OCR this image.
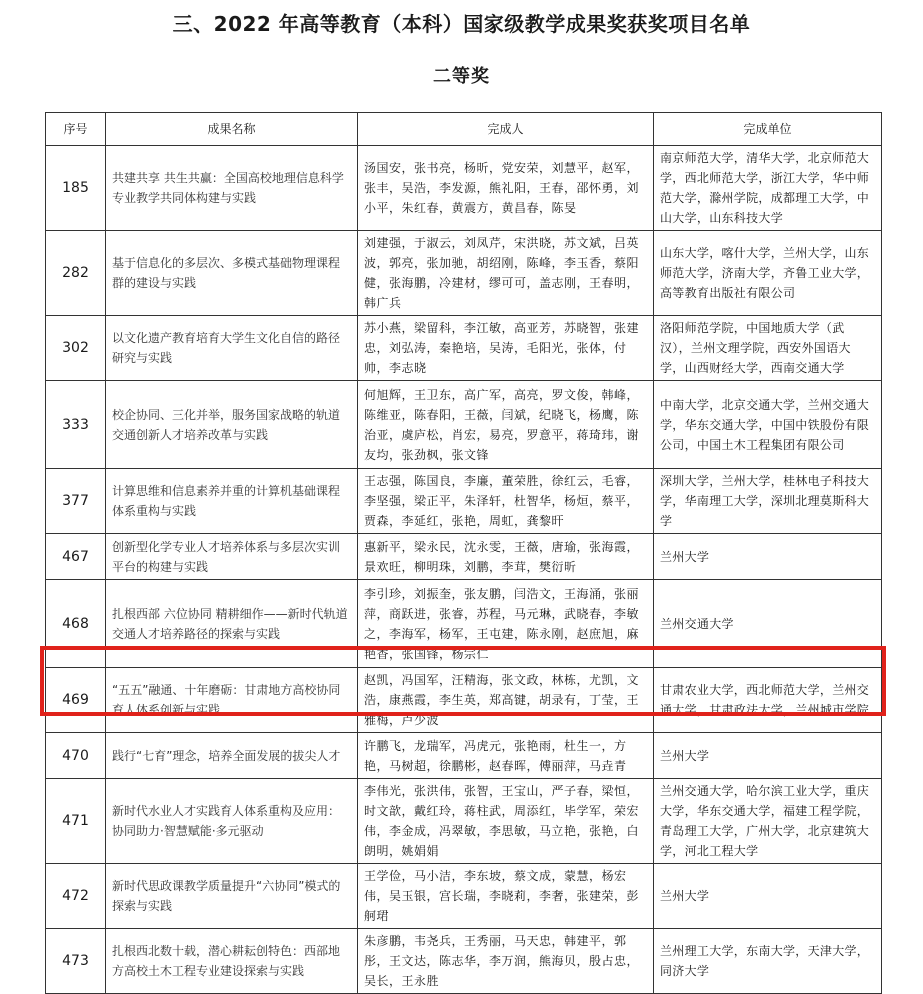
三、2022 年高等教育（本科）国家级教学成果奖获奖项目名单
二等奖
序号	成果名称	完成人	完成单位
185	共建共享 共生共赢：全国高校地理信息科学专业教学共同体构建与实践	汤国安，张书亮，杨昕，党安荣，刘慧平，赵军，张丰，吴浩，李发源，熊礼阳，王春，邵怀勇，刘小平，朱红春，黄震方，黄昌春，陈旻	南京师范大学，清华大学，北京师范大学，西北师范大学，浙江大学，华中师范大学，滁州学院，成都理工大学，中山大学，山东科技大学
282	基于信息化的多层次、多模式基础物理课程群的建设与实践	刘建强，于淑云，刘凤芹，宋洪晓，苏文斌，吕英波，郭亮，张加驰，胡绍刚，陈峰，李玉香，蔡阳健，张海鹏，冷建材，缪可可，盖志刚，王春明，韩广兵	山东大学，喀什大学，兰州大学，山东师范大学，济南大学，齐鲁工业大学，高等教育出版社有限公司
302	以文化遗产教育培育大学生文化自信的路径研究与实践	苏小燕，梁留科，李江敏，高亚芳，苏晓智，张建忠，刘弘涛，秦艳培，吴涛，毛阳光，张体，付帅，李志晓	洛阳师范学院，中国地质大学（武汉），兰州文理学院，西安外国语大学，山西财经大学，西南交通大学
333	校企协同、三化并举，服务国家战略的轨道交通创新人才培养改革与实践	何旭辉，王卫东，高广军，高亮，罗文俊，韩峰，陈维亚，陈春阳，王薇，闫斌，纪晓飞，杨鹰，陈治亚，虞庐松，肖宏，易亮，罗意平，蒋琦玮，谢友均，张劲枫，张文锋	中南大学，北京交通大学，兰州交通大学，华东交通大学，中国中铁股份有限公司，中国土木工程集团有限公司
377	计算思维和信息素养并重的计算机基础课程体系重构与实践	王志强，陈国良，李廉，董荣胜，徐红云，毛睿，李坚强，梁正平，朱泽轩，杜智华，杨烜，蔡平，贾森，李延红，张艳，周虹，龚黎旰	深圳大学，兰州大学，桂林电子科技大学，华南理工大学，深圳北理莫斯科大学
467	创新型化学专业人才培养体系与多层次实训平台的构建与实践	惠新平，梁永民，沈永雯，王薇，唐瑜，张海霞，景欢旺，柳明珠，刘鹏，李茸，樊衍昕	兰州大学
468	扎根西部 六位协同 精耕细作——新时代轨道交通人才培养路径的探索与实践	李引珍，刘振奎，张友鹏，闫浩文，王海涌，张丽萍，商跃进，张睿，苏程，马元琳，武晓春，李敏之，李海军，杨军，王屯建，陈永刚，赵庶旭，麻艳香，张国锋，杨宗仁	兰州交通大学
469	“五五”融通、十年磨砺：甘肃地方高校协同育人体系创新与实践	赵凯，冯国军，汪精海，张文政，林栋，尤凯，文浩，康燕霞，李生英，郑高键，胡录有，丁莹，王雅梅，卢少波	甘肃农业大学，西北师范大学，兰州交通大学，甘肃政法大学，兰州城市学院
470	践行“七育”理念，培养全面发展的拔尖人才	许鹏飞，龙瑞军，冯虎元，张艳雨，杜生一，方艳，马树超，徐鹏彬，赵春晖，傅丽萍，马垚青	兰州大学
471	新时代水业人才实践育人体系重构及应用：协同助力·智慧赋能·多元驱动	李伟光，张洪伟，张智，王宝山，严子春，梁恒，时文歆，戴红玲，蒋柱武，周添红，毕学军，荣宏伟，李金成，冯翠敏，李思敏，马立艳，张艳，白朗明，姚娟娟	兰州交通大学，哈尔滨工业大学，重庆大学，华东交通大学，福建工程学院，青岛理工大学，广州大学，北京建筑大学，河北工程大学
472	新时代思政课教学质量提升“六协同”模式的探索与实践	王学俭，马小洁，李东坡，蔡文成，蒙慧，杨宏伟，吴玉银，宫长瑞，李晓莉，李奢，张建荣，彭舸珺	兰州大学
473	扎根西北数十载，潜心耕耘创特色：西部地方高校土木工程专业建设探索与实践	朱彦鹏，韦尧兵，王秀丽，马天忠，韩建平，郭彤，王文达，陈志华，李万润，熊海贝，殷占忠，吴长，王永胜	兰州理工大学，东南大学，天津大学，同济大学
